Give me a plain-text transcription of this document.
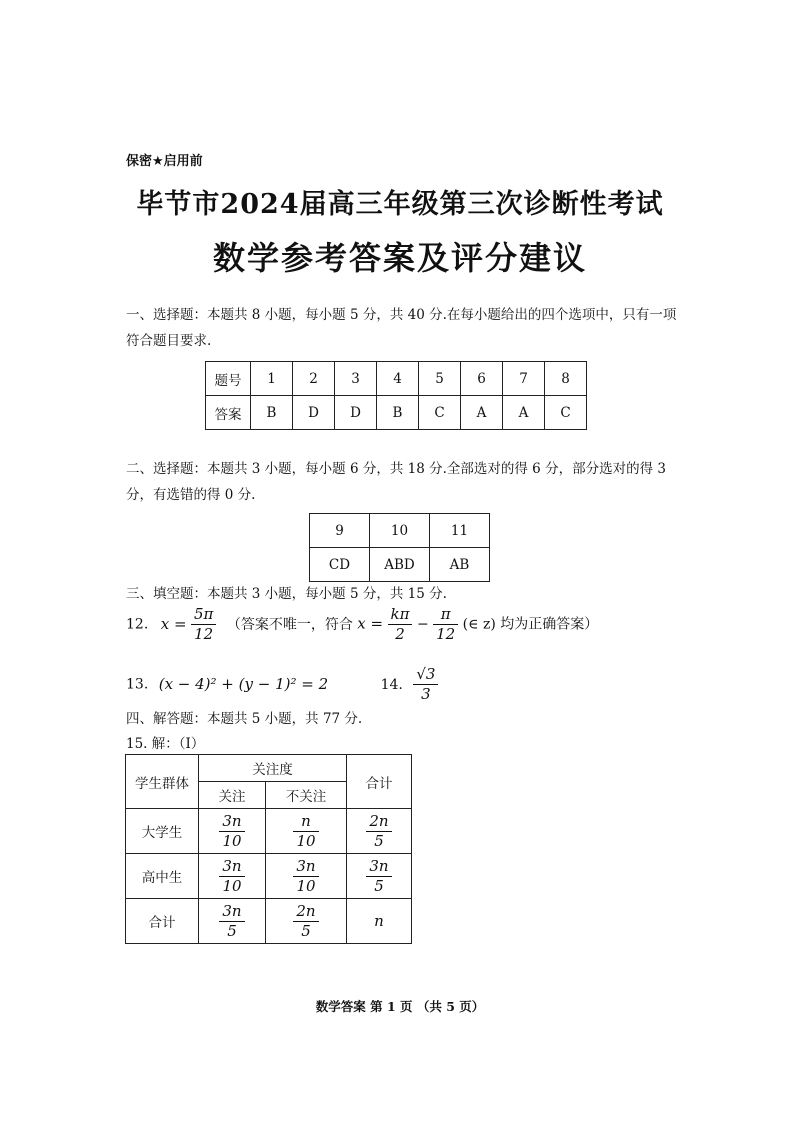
保密★启用前
毕节市2024届高三年级第三次诊断性考试
数学参考答案及评分建议
一、选择题：本题共 8 小题，每小题 5 分，共 40 分.在每小题给出的四个选项中，只有一项符合题目要求.
题号	1	2	3	4	5	6	7	8
答案	B	D	D	B	C	A	A	C
二、选择题：本题共 3 小题，每小题 6 分，共 18 分.全部选对的得 6 分，部分选对的得 3 分，有选错的得 0 分.
9	10	11
CD	ABD	AB
三、填空题：本题共 3 小题，每小题 5 分，共 15 分.
12. $x = \frac{5\pi}{12}$ （答案不唯一，符合 $x = \frac{k\pi}{2} - \frac{\pi}{12}$ (∈ z) 均为正确答案）
13. (x − 4)² + (y − 1)² = 2	14. $\frac{√3}{3}$
四、解答题：本题共 5 小题，共 77 分.
15. 解：（Ⅰ）
学生群体	关注度		合计
	关注	不关注	
大学生	$\frac{3n}{10}$	$\frac{n}{10}$	$\frac{2n}{5}$

高中生	$\frac{3n}{10}$	$\frac{3n}{10}$	$\frac{3n}{5}$

合计	$\frac{3n}{5}$	$\frac{2n}{5}$	n
数学答案 第 1 页 （共 5 页）
